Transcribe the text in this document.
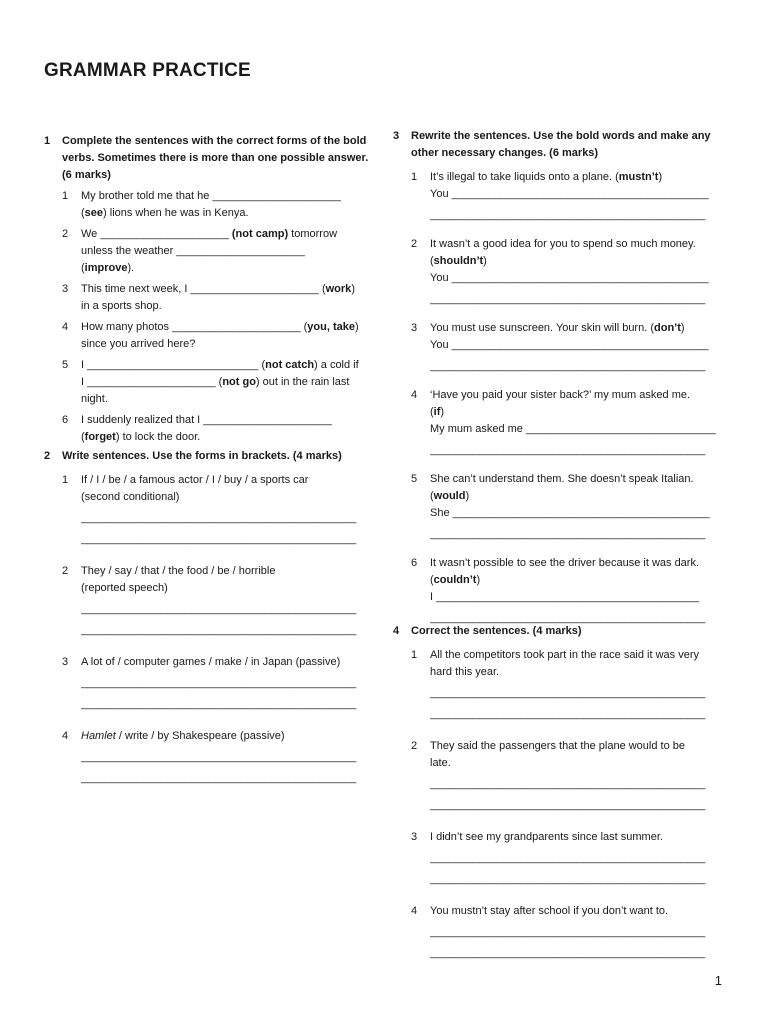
GRAMMAR PRACTICE
1 Complete the sentences with the correct forms of the bold verbs. Sometimes there is more than one possible answer. (6 marks)
1 My brother told me that he _____________________
(see) lions when he was in Kenya.
2 We _____________________ (not camp) tomorrow
unless the weather _____________________
(improve).
3 This time next week, I _____________________ (work)
in a sports shop.
4 How many photos _____________________ (you, take)
since you arrived here?
5 I ____________________________ (not catch) a cold if
I _____________________ (not go) out in the rain last
night.
6 I suddenly realized that I _____________________
(forget) to lock the door.
2 Write sentences. Use the forms in brackets. (4 marks)
1 If / I / be / a famous actor / I / buy / a sports car
(second conditional)
_____________________________________________
_____________________________________________
2 They / say / that / the food / be / horrible
(reported speech)
_____________________________________________
_____________________________________________
3 A lot of / computer games / make / in Japan (passive)
_____________________________________________
_____________________________________________
4 Hamlet / write / by Shakespeare (passive)
_____________________________________________
_____________________________________________
3 Rewrite the sentences. Use the bold words and make any other necessary changes. (6 marks)
1 It’s illegal to take liquids onto a plane. (mustn’t)
You __________________________________________
_____________________________________________
2 It wasn’t a good idea for you to spend so much money.
(shouldn’t)
You __________________________________________
_____________________________________________
3 You must use sunscreen. Your skin will burn. (don’t)
You __________________________________________
_____________________________________________
4 ‘Have you paid your sister back?’ my mum asked me.
(if)
My mum asked me _______________________________
_____________________________________________
5 She can’t understand them. She doesn’t speak Italian.
(would)
She __________________________________________
_____________________________________________
6 It wasn’t possible to see the driver because it was dark.
(couldn’t)
I ___________________________________________
_____________________________________________
4 Correct the sentences. (4 marks)
1 All the competitors took part in the race said it was very
hard this year.
_____________________________________________
_____________________________________________
2 They said the passengers that the plane would to be
late.
_____________________________________________
_____________________________________________
3 I didn’t see my grandparents since last summer.
_____________________________________________
_____________________________________________
4 You mustn’t stay after school if you don’t want to.
_____________________________________________
_____________________________________________
1
